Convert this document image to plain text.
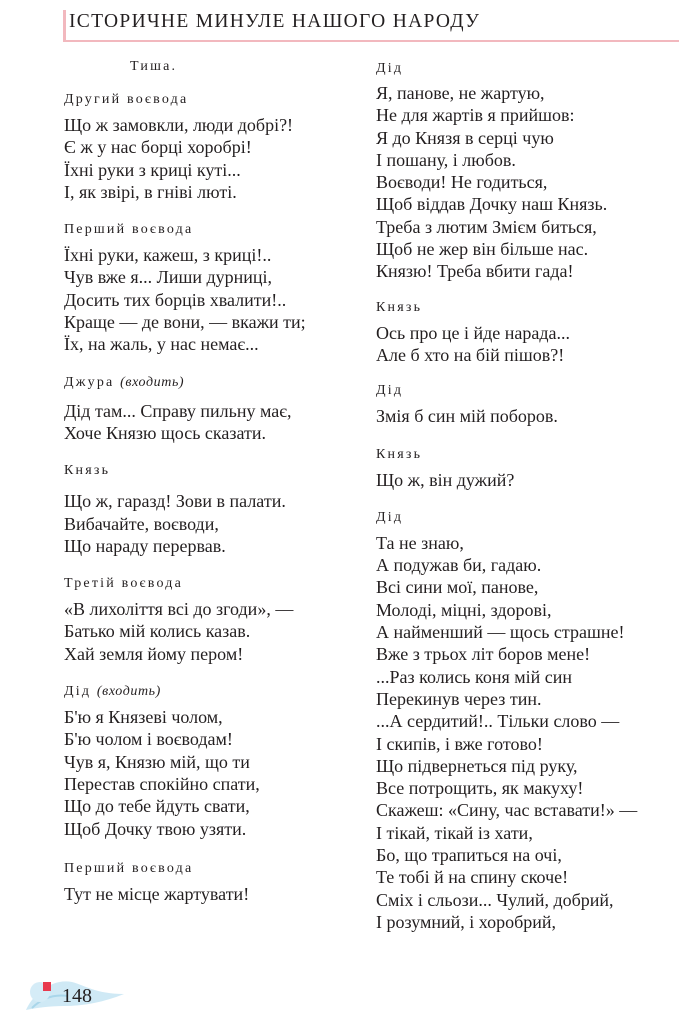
ІСТОРИЧНЕ МИНУЛЕ НАШОГО НАРОДУ
Тиша.
Другий воєвода
Що ж замовкли, люди добрі?!
Є ж у нас борці хоробрі!
Їхні руки з криці куті...
І, як звірі, в гніві люті.
Перший воєвода
Їхні руки, кажеш, з криці!..
Чув вже я... Лиши дурниці,
Досить тих борців хвалити!..
Краще — де вони, — вкажи ти;
Їх, на жаль, у нас немає...
Джура (входить)
Дід там... Справу пильну має,
Хоче Князю щось сказати.
Князь
Що ж, гаразд! Зови в палати.
Вибачайте, воєводи,
Що нараду перервав.
Третій воєвода
«В лихоліття всі до згоди», —
Батько мій колись казав.
Хай земля йому пером!
Дід (входить)
Б'ю я Князеві чолом,
Б'ю чолом і воєводам!
Чув я, Князю мій, що ти
Перестав спокійно спати,
Що до тебе йдуть свати,
Щоб Дочку твою узяти.
Перший воєвода
Тут не місце жартувати!
Дід
Я, панове, не жартую,
Не для жартів я прийшов:
Я до Князя в серці чую
І пошану, і любов.
Воєводи! Не годиться,
Щоб віддав Дочку наш Князь.
Треба з лютим Змієм биться,
Щоб не жер він більше нас.
Князю! Треба вбити гада!
Князь
Ось про це і йде нарада...
Але б хто на бій пішов?!
Дід
Змія б син мій поборов.
Князь
Що ж, він дужий?
Дід
Та не знаю,
А подужав би, гадаю.
Всі сини мої, панове,
Молоді, міцні, здорові,
А найменший — щось страшне!
Вже з трьох літ боров мене!
...Раз колись коня мій син
Перекинув через тин.
...А сердитий!.. Тільки слово —
І скипів, і вже готово!
Що підвернеться під руку,
Все потрощить, як макуху!
Скажеш: «Сину, час вставати!» —
І тікай, тікай із хати,
Бо, що трапиться на очі,
Те тобі й на спину скоче!
Сміх і сльози... Чулий, добрий,
І розумний, і хоробрий,
148
